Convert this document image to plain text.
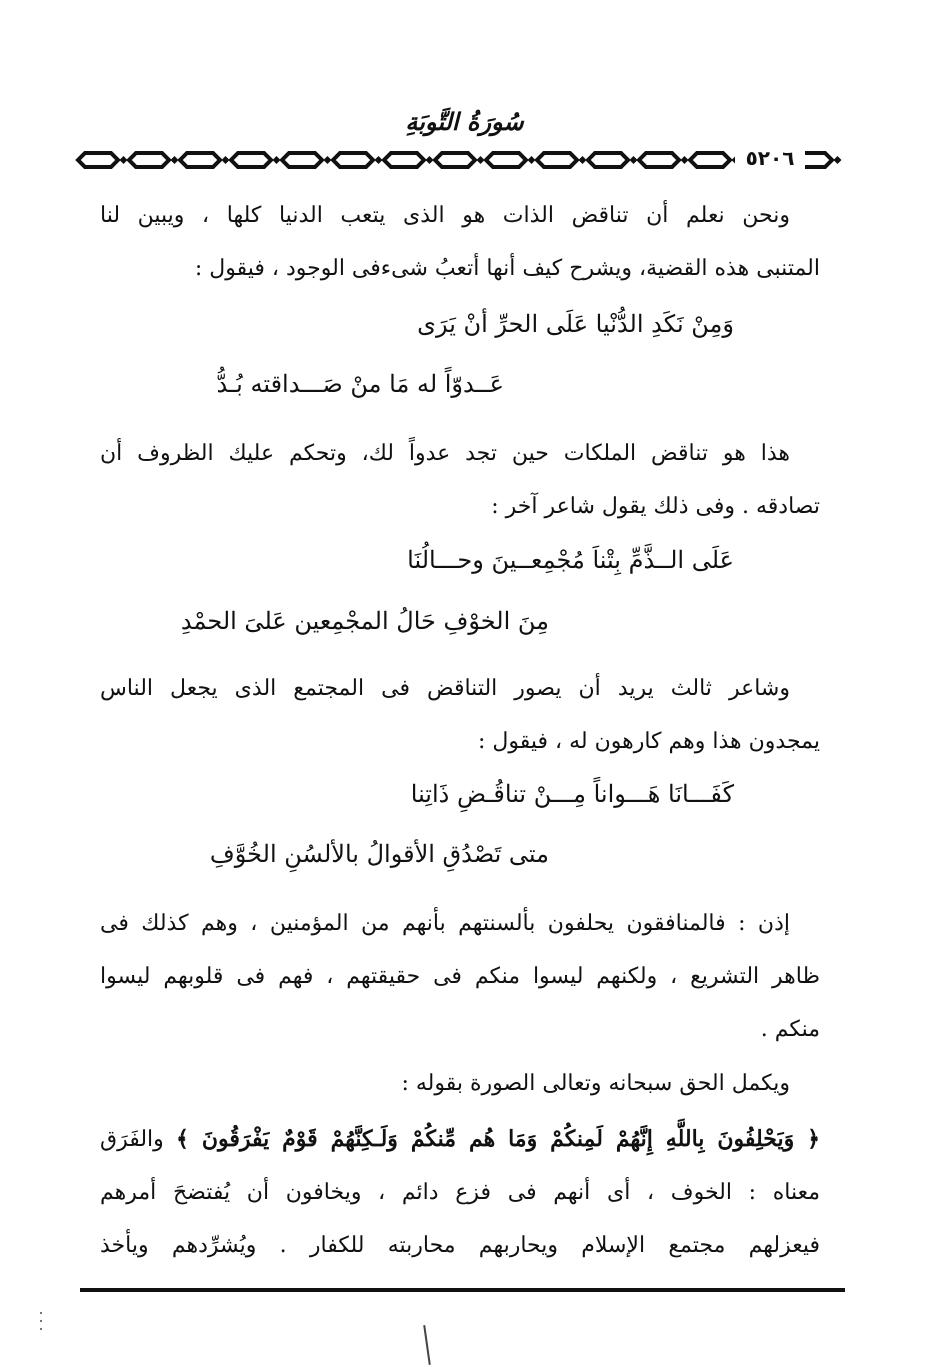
سُورَةُ التَّوبَةِ
٥٢٠٦
ونحن نعلم أن تناقض الذات هو الذى يتعب الدنيا كلها ، ويبين لنا
المتنبى هذه القضية، ويشرح كيف أنها أتعبُ شىءفى الوجود ، فيقول :
وَمِنْ نَكَدِ الدُّنْيا عَلَى الحرِّ أنْ يَرَى
عَــدوّاً له مَا منْ صَـــداقته بُـدُّ
هذا هو تناقض الملكات حين تجد عدواً لك، وتحكم عليك الظروف أن
تصادقه . وفى ذلك يقول شاعر آخر :
عَلَى الــذَّمِّ بِتْناَ مُجْمِعــينَ وحـــالُنَا
مِنَ الخوْفِ حَالُ المجْمِعين عَلىَ الحمْدِ
وشاعر ثالث يريد أن يصور التناقض فى المجتمع الذى يجعل الناس
يمجدون هذا وهم كارهون له ، فيقول :
كَفَـــانَا هَـــواناً مِـــنْ تناقُـضِ ذَاتِنا
متى تَصْدُقِ الأقوالُ بالألسُنِ الخُوَّفِ
إذن : فالمنافقون يحلفون بألسنتهم بأنهم من المؤمنين ، وهم كذلك فى
ظاهر التشريع ، ولكنهم ليسوا منكم فى حقيقتهم ، فهم فى قلوبهم ليسوا
منكم .
ويكمل الحق سبحانه وتعالى الصورة بقوله :
﴿ وَيَحْلِفُونَ بِاللَّهِ إِنَّهُمْ لَمِنكُمْ وَمَا هُم مِّنكُمْ وَلَـكِنَّهُمْ قَوْمٌ يَفْرَقُونَ ﴾ والفَرَق
معناه : الخوف ، أى أنهم فى فزع دائم ، ويخافون أن يُفتضحَ أمرهم
فيعزلهم مجتمع الإسلام ويحاربهم محاربته للكفار . ويُشرِّدهم ويأخذ
